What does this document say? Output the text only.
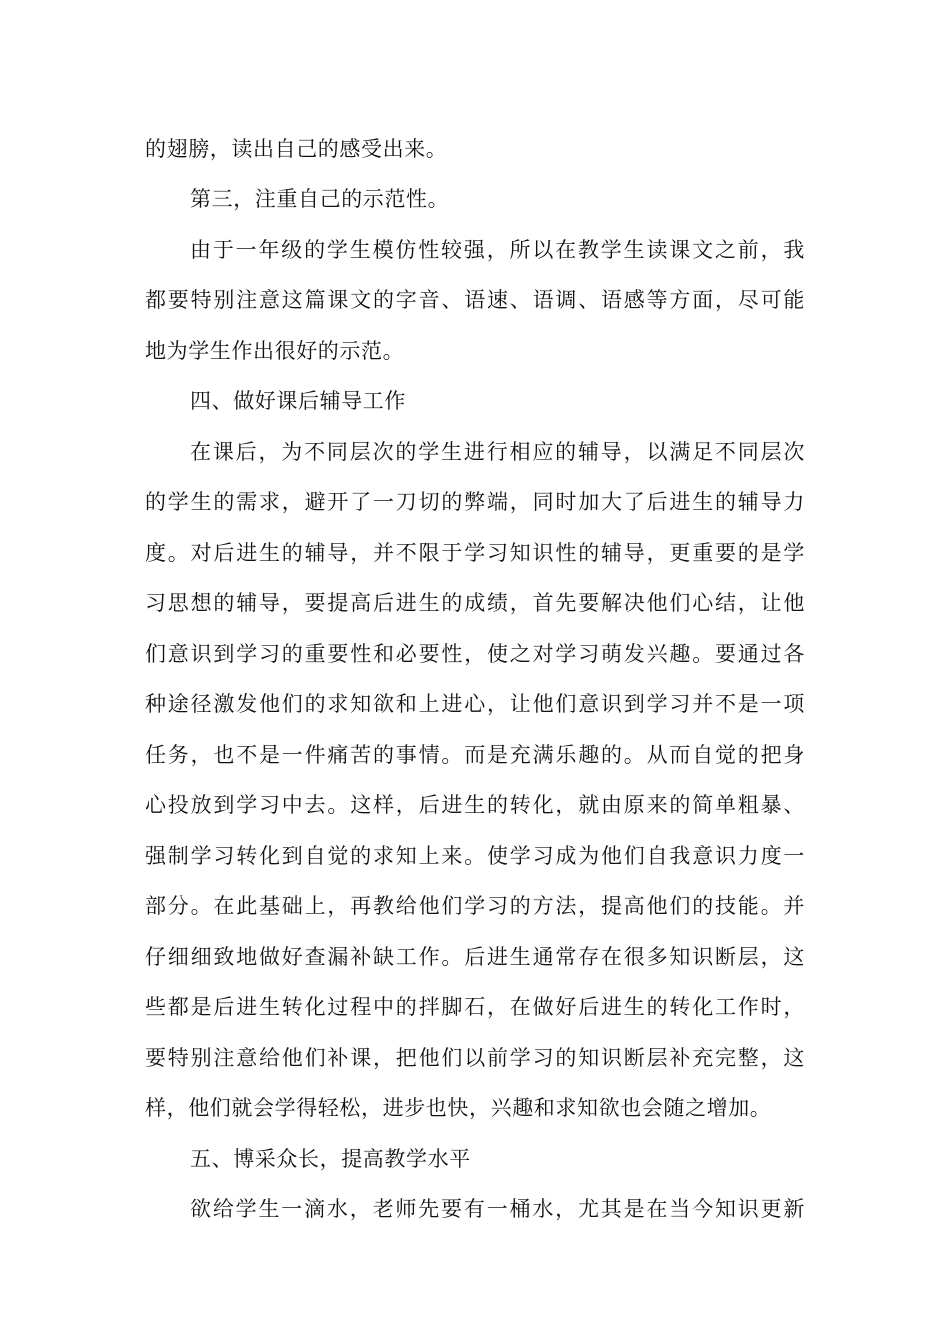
的翅膀，读出自己的感受出来。
第三，注重自己的示范性。
由于一年级的学生模仿性较强，所以在教学生读课文之前，我
都要特别注意这篇课文的字音、语速、语调、语感等方面，尽可能
地为学生作出很好的示范。
四、做好课后辅导工作
在课后，为不同层次的学生进行相应的辅导，以满足不同层次
的学生的需求，避开了一刀切的弊端，同时加大了后进生的辅导力
度。对后进生的辅导，并不限于学习知识性的辅导，更重要的是学
习思想的辅导，要提高后进生的成绩，首先要解决他们心结，让他
们意识到学习的重要性和必要性，使之对学习萌发兴趣。要通过各
种途径激发他们的求知欲和上进心，让他们意识到学习并不是一项
任务，也不是一件痛苦的事情。而是充满乐趣的。从而自觉的把身
心投放到学习中去。这样，后进生的转化，就由原来的简单粗暴、
强制学习转化到自觉的求知上来。使学习成为他们自我意识力度一
部分。在此基础上，再教给他们学习的方法，提高他们的技能。并
仔细细致地做好查漏补缺工作。后进生通常存在很多知识断层，这
些都是后进生转化过程中的拌脚石，在做好后进生的转化工作时，
要特别注意给他们补课，把他们以前学习的知识断层补充完整，这
样，他们就会学得轻松，进步也快，兴趣和求知欲也会随之增加。
五、博采众长，提高教学水平
欲给学生一滴水，老师先要有一桶水，尤其是在当今知识更新
